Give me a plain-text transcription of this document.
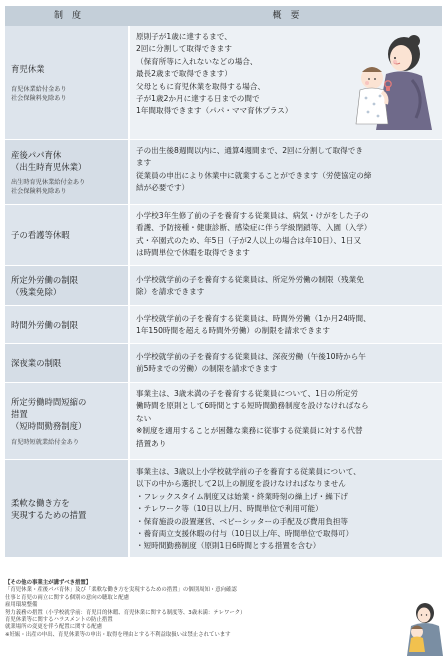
制　度	概　要
育児休業
育児休業給付金あり
社会保険料免除あり
原則子が1歳に達するまで、
2回に分割して取得できます
（保育所等に入れないなどの場合、
最長2歳まで取得できます）
父母ともに育児休業を取得する場合、
子が1歳2か月に達する日までの間で
1年間取得できます（パパ・ママ育休プラス）
産後パパ育休
（出生時育児休業）
出生時育児休業給付金あり
社会保険料免除あり
子の出生後8週間以内に、通算4週間まで、2回に分割して取得でき
ます
従業員の申出により休業中に就業することができます（労使協定の締
結が必要です）
子の看護等休暇
小学校3年生修了前の子を養育する従業員は、病気・けがをした子の
看護、予防接種・健康診断、感染症に伴う学級閉鎖等、入園（入学）
式・卒園式のため、年5日（子が2人以上の場合は年10日）、1日又
は時間単位で休暇を取得できます
所定外労働の制限
（残業免除）
小学校就学前の子を養育する従業員は、所定外労働の制限（残業免
除）を請求できます
時間外労働の制限
小学校就学前の子を養育する従業員は、時間外労働（1か月24時間、
1年150時間を超える時間外労働）の制限を請求できます
深夜業の制限
小学校就学前の子を養育する従業員は、深夜労働（午後10時から午
前5時までの労働）の制限を請求できます
所定労働時間短縮の
措置
（短時間勤務制度）
育児時短就業給付金あり
事業主は、3歳未満の子を養育する従業員について、1日の所定労
働時間を原則として6時間とする短時間勤務制度を設けなければなら
ない
※制度を適用することが困難な業務に従事する従業員に対する代替
措置あり
柔軟な働き方を
実現するための措置
事業主は、3歳以上小学校就学前の子を養育する従業員について、
以下の中から選択して2以上の制度を設けなければなりません
・フレックスタイム制度又は始業・終業時刻の繰上げ・繰下げ
・テレワーク等（10日以上/月、時間単位で利用可能）
・保育施設の設置運営、ベビーシッターの手配及び費用負担等
・養育両立支援休暇の付与（10日以上/年、時間単位で取得可）
・短時間勤務制度（原則1日6時間とする措置を含む）
【その他の事業主が講ずべき措置】
「育児休業・産後パパ育休」及び「柔軟な働き方を実現するための措置」の個別周知・意向確認
仕事と育児の両立に関する個別の意向の聴取と配慮
雇用環境整備
努力義務の措置（小学校就学前：育児目的休暇、育児休業に関する制度等、3歳未満：テレワーク）
育児休業等に関するハラスメントの防止措置
就業場所の変更を伴う配置に関する配慮
※妊娠・出産の申出、育児休業等の申出・取得を理由とする不利益取扱いは禁止されています
